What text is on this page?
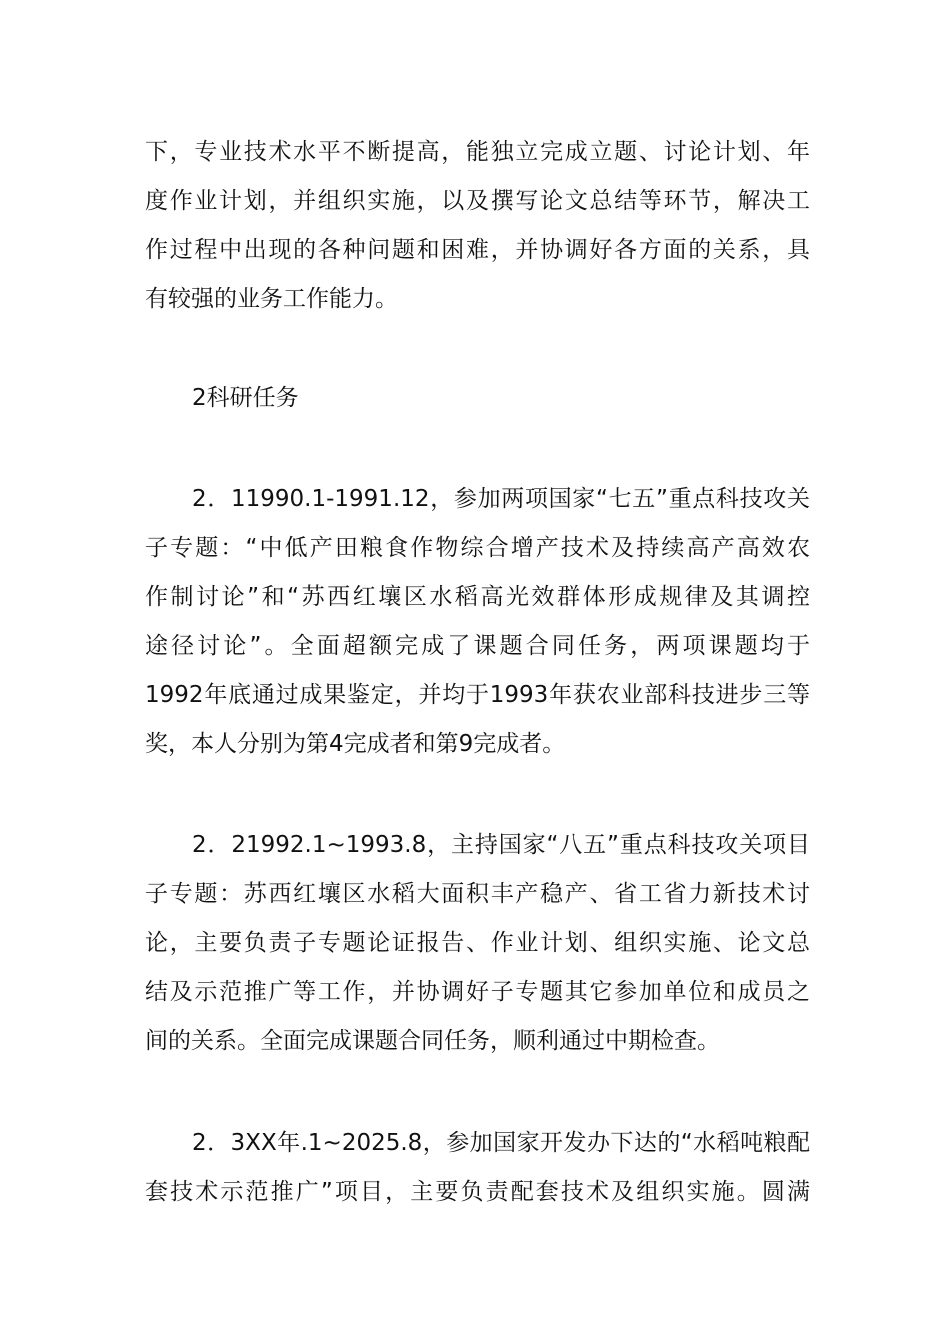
下，专业技术水平不断提高，能独立完成立题、讨论计划、年
度作业计划，并组织实施，以及撰写论文总结等环节，解决工
作过程中出现的各种问题和困难，并协调好各方面的关系，具
有较强的业务工作能力。
2科研任务
2．11990.1-1991.12，参加两项国家“七五”重点科技攻关
子专题：“中低产田粮食作物综合增产技术及持续高产高效农
作制讨论”和“苏西红壤区水稻高光效群体形成规律及其调控
途径讨论”。全面超额完成了课题合同任务，两项课题均于
1992年底通过成果鉴定，并均于1993年获农业部科技进步三等
奖，本人分别为第4完成者和第9完成者。
2．21992.1~1993.8，主持国家“八五”重点科技攻关项目
子专题：苏西红壤区水稻大面积丰产稳产、省工省力新技术讨
论，主要负责子专题论证报告、作业计划、组织实施、论文总
结及示范推广等工作，并协调好子专题其它参加单位和成员之
间的关系。全面完成课题合同任务，顺利通过中期检查。
2．3XX年.1~2025.8，参加国家开发办下达的“水稻吨粮配
套技术示范推广”项目，主要负责配套技术及组织实施。圆满
